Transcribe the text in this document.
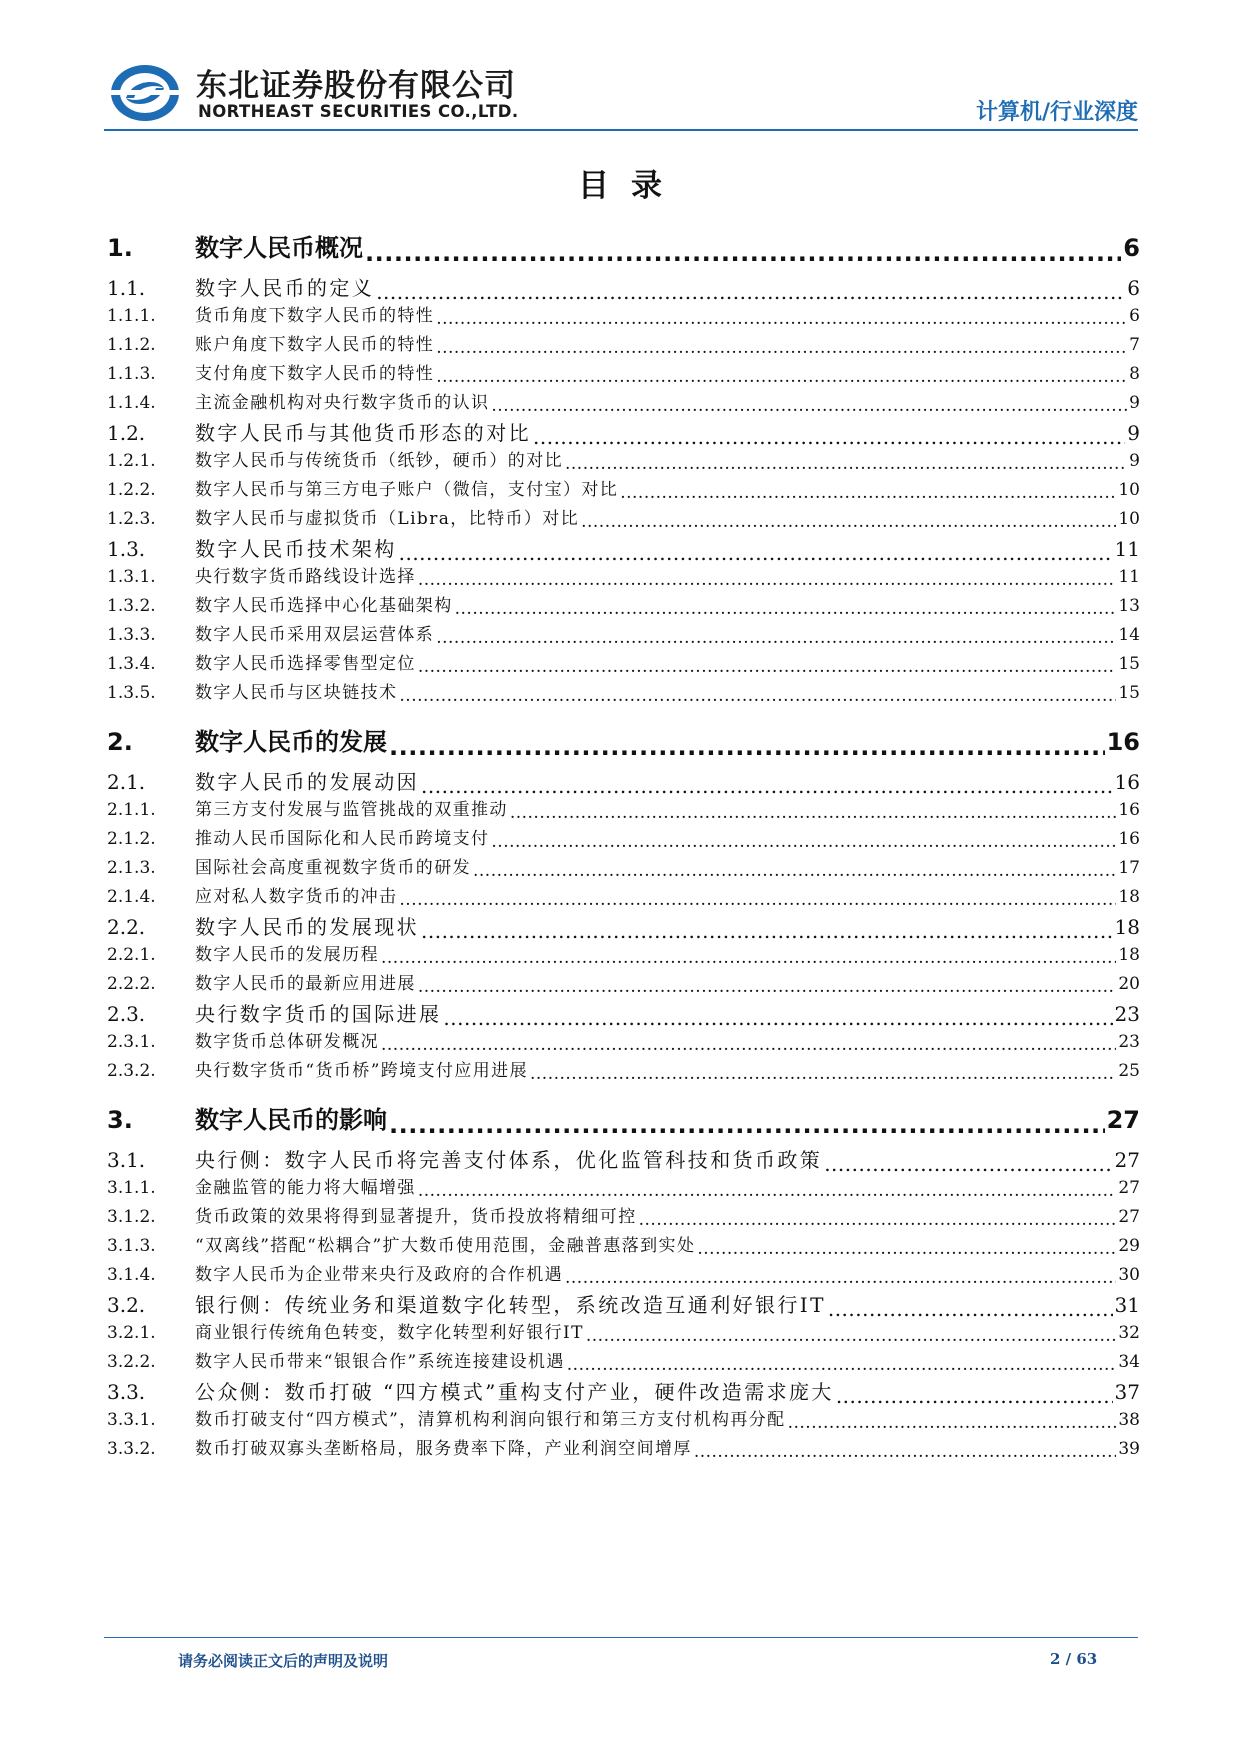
东北证券股份有限公司
NORTHEAST SECURITIES CO.,LTD.	计算机/行业深度
目录
1.	数字人民币概况 .....	6
1.1.	数字人民币的定义 .....	6
1.1.1.	货币角度下数字人民币的特性 .....	6
1.1.2.	账户角度下数字人民币的特性 .....	7
1.1.3.	支付角度下数字人民币的特性 .....	8
1.1.4.	主流金融机构对央行数字货币的认识 .....	9
1.2.	数字人民币与其他货币形态的对比 .....	9
1.2.1.	数字人民币与传统货币（纸钞，硬币）的对比 .....	9
1.2.2.	数字人民币与第三方电子账户（微信，支付宝）对比 .....	10
1.2.3.	数字人民币与虚拟货币（Libra，比特币）对比 .....	10
1.3.	数字人民币技术架构 .....	11
1.3.1.	央行数字货币路线设计选择 .....	11
1.3.2.	数字人民币选择中心化基础架构 .....	13
1.3.3.	数字人民币采用双层运营体系 .....	14
1.3.4.	数字人民币选择零售型定位 .....	15
1.3.5.	数字人民币与区块链技术 .....	15
2.	数字人民币的发展 .....	16
2.1.	数字人民币的发展动因 .....	16
2.1.1.	第三方支付发展与监管挑战的双重推动 .....	16
2.1.2.	推动人民币国际化和人民币跨境支付 .....	16
2.1.3.	国际社会高度重视数字货币的研发 .....	17
2.1.4.	应对私人数字货币的冲击 .....	18
2.2.	数字人民币的发展现状 .....	18
2.2.1.	数字人民币的发展历程 .....	18
2.2.2.	数字人民币的最新应用进展 .....	20
2.3.	央行数字货币的国际进展 .....	23
2.3.1.	数字货币总体研发概况 .....	23
2.3.2.	央行数字货币“货币桥”跨境支付应用进展 .....	25
3.	数字人民币的影响 .....	27
3.1.	央行侧：数字人民币将完善支付体系，优化监管科技和货币政策 .....	27
3.1.1.	金融监管的能力将大幅增强 .....	27
3.1.2.	货币政策的效果将得到显著提升，货币投放将精细可控 .....	27
3.1.3.	“双离线”搭配“松耦合”扩大数币使用范围，金融普惠落到实处 .....	29
3.1.4.	数字人民币为企业带来央行及政府的合作机遇 .....	30
3.2.	银行侧：传统业务和渠道数字化转型，系统改造互通利好银行IT .....	31
3.2.1.	商业银行传统角色转变，数字化转型利好银行IT .....	32
3.2.2.	数字人民币带来“银银合作”系统连接建设机遇 .....	34
3.3.	公众侧：数币打破 “四方模式”重构支付产业，硬件改造需求庞大 .....	37
3.3.1.	数币打破支付“四方模式”，清算机构利润向银行和第三方支付机构再分配 .....	38
3.3.2.	数币打破双寡头垄断格局，服务费率下降，产业利润空间增厚 .....	39
请务必阅读正文后的声明及说明	2 / 63
